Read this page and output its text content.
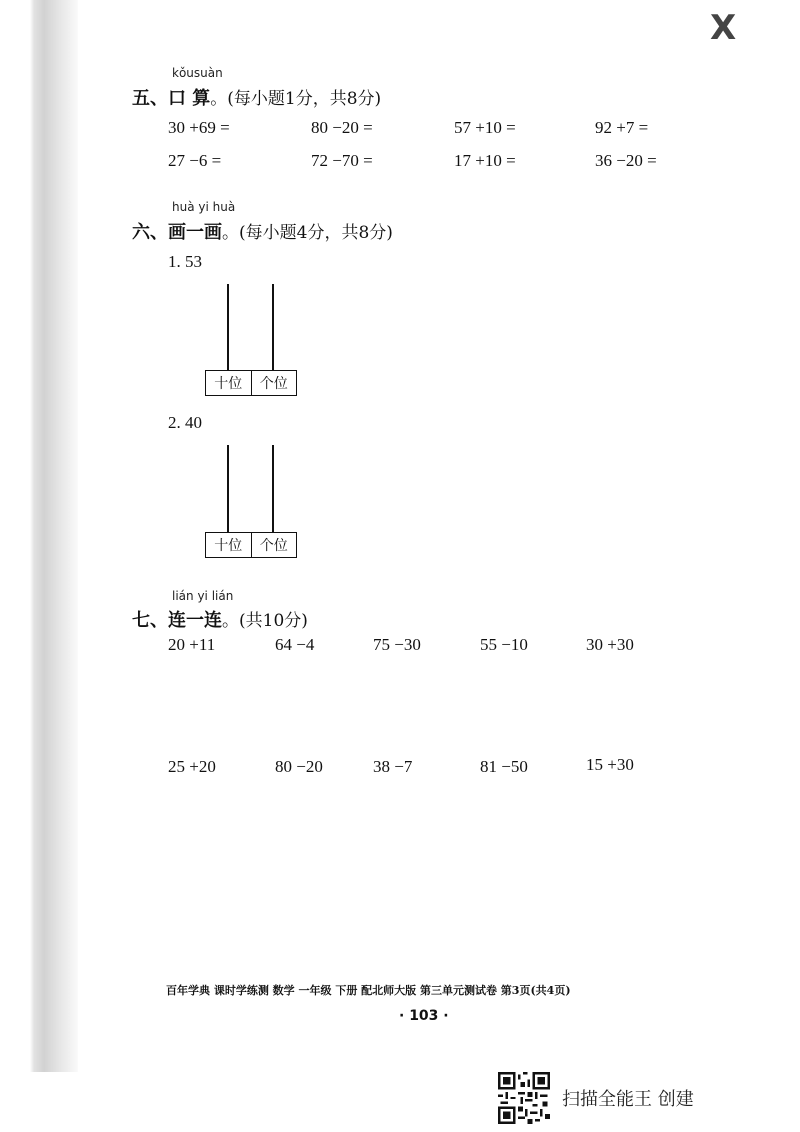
X
kǒusuàn
五、口 算。(每小题1分，共8分)
30 +69 =	80 −20 =	57 +10 =	92 +7 =
27 −6 =	72 −70 =	17 +10 =	36 −20 =
huà yi huà
六、画一画。(每小题4分，共8分)
1. 53
十位	个位
2. 40
十位	个位
lián yi lián
七、连一连。(共10分)
20 +11	64 −4	75 −30	55 −10	30 +30
25 +20	80 −20	38 −7	81 −50	15 +30
百年学典 课时学练测 数学 一年级 下册 配北师大版 第三单元测试卷 第3页(共4页)
· 103 ·
扫描全能王 创建
